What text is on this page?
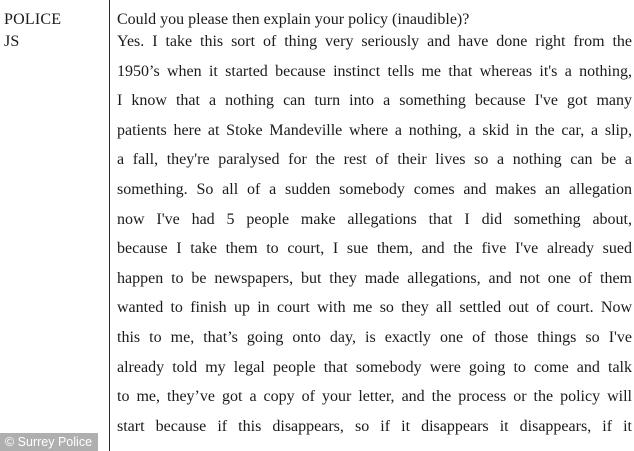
POLICE
JS
Could you please then explain your policy (inaudible)?
Yes. I take this sort of thing very seriously and have done right from the
1950’s when it started because instinct tells me that whereas it's a nothing,
I know that a nothing can turn into a something because I've got many
patients here at Stoke Mandeville where a nothing, a skid in the car, a slip,
a fall, they're paralysed for the rest of their lives so a nothing can be a
something. So all of a sudden somebody comes and makes an allegation
now I've had 5 people make allegations that I did something about,
because I take them to court, I sue them, and the five I've already sued
happen to be newspapers, but they made allegations, and not one of them
wanted to finish up in court with me so they all settled out of court. Now
this to me, that’s going onto day, is exactly one of those things so I've
already told my legal people that somebody were going to come and talk
to me, they’ve got a copy of your letter, and the process or the policy will
start because if this disappears, so if it disappears it disappears, if it
© Surrey Police
